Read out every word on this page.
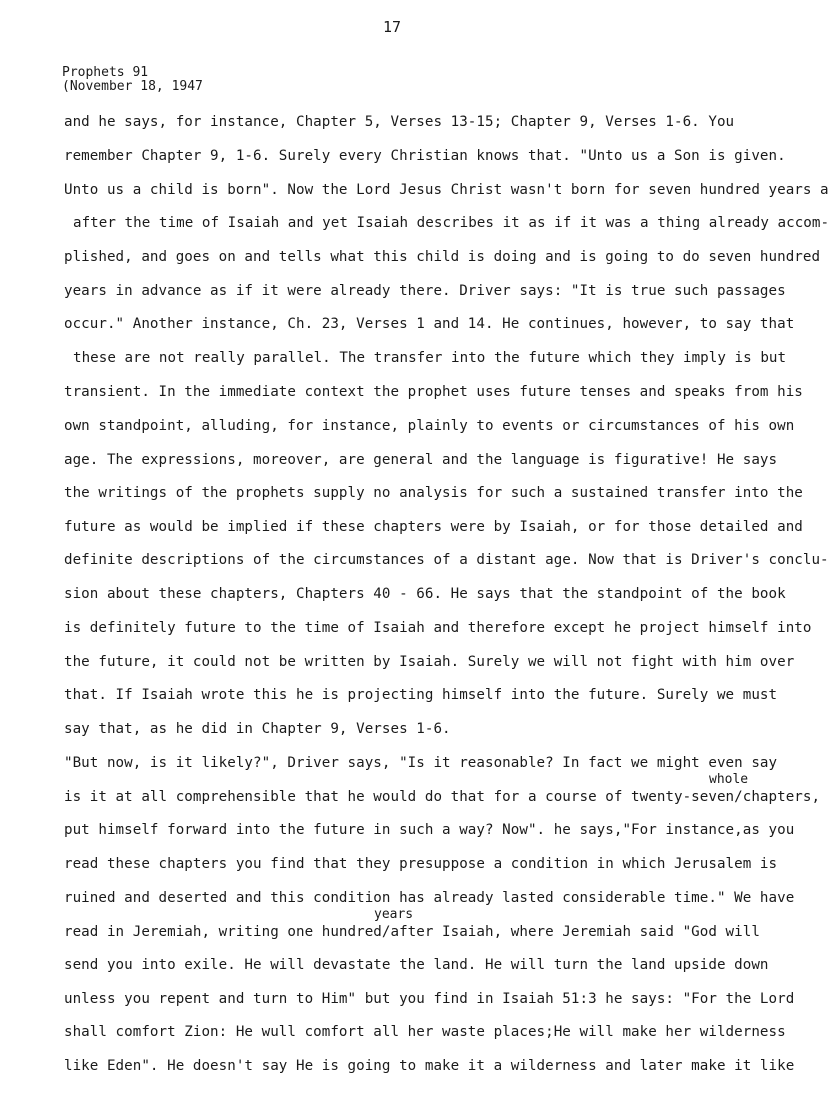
17
Prophets 91
(November 18, 1947
and he says, for instance, Chapter 5, Verses 13-15; Chapter 9, Verses 1-6. You
remember Chapter 9, 1-6. Surely every Christian knows that. "Unto us a Son is given.
Unto us a child is born". Now the Lord Jesus Christ wasn't born for seven hundred years a
after the time of Isaiah and yet Isaiah describes it as if it was a thing already accom-
plished, and goes on and tells what this child is doing and is going to do seven hundred
years in advance as if it were already there. Driver says: "It is true such passages
occur." Another instance, Ch. 23, Verses 1 and 14. He continues, however, to say that
these are not really parallel. The transfer into the future which they imply is but
transient. In the immediate context the prophet uses future tenses and speaks from his
own standpoint, alluding, for instance, plainly to events or circumstances of his own
age. The expressions, moreover, are general and the language is figurative! He says
the writings of the prophets supply no analysis for such a sustained transfer into the
future as would be implied if these chapters were by Isaiah, or for those detailed and
definite descriptions of the circumstances of a distant age. Now that is Driver's conclu-
sion about these chapters, Chapters 40 - 66. He says that the standpoint of the book
is definitely future to the time of Isaiah and therefore except he project himself into
the future, it could not be written by Isaiah. Surely we will not fight with him over
that. If Isaiah wrote this he is projecting himself into the future. Surely we must
say that, as he did in Chapter 9, Verses 1-6.
"But now, is it likely?", Driver says, "Is it reasonable? In fact we might even say
whole
is it at all comprehensible that he would do that for a course of twenty-seven/chapters,
put himself forward into the future in such a way? Now". he says,"For instance,as you
read these chapters you find that they presuppose a condition in which Jerusalem is
ruined and deserted and this condition has already lasted considerable time." We have
years
read in Jeremiah, writing one hundred/after Isaiah, where Jeremiah said "God will
send you into exile. He will devastate the land. He will turn the land upside down
unless you repent and turn to Him" but you find in Isaiah 51:3 he says: "For the Lord
shall comfort Zion: He wull comfort all her waste places;He will make her wilderness
like Eden". He doesn't say He is going to make it a wilderness and later make it like
